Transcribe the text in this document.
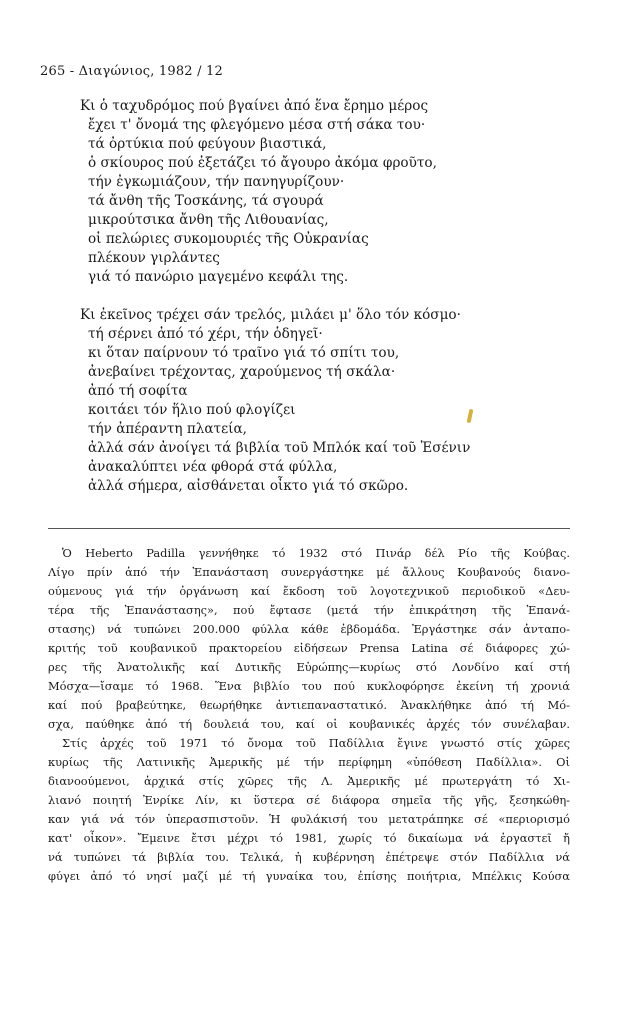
265 - Διαγώνιος, 1982 / 12
Κι ὁ ταχυδρόμος πού βγαίνει ἀπό ἕνα ἔρημο μέρος
ἔχει τ' ὄνομά της φλεγόμενο μέσα στή σάκα του·
τά ὀρτύκια πού φεύγουν βιαστικά,
ὁ σκίουρος πού ἐξετάζει τό ἄγουρο ἀκόμα φροῦτο,
τήν ἐγκωμιάζουν, τήν πανηγυρίζουν·
τά ἄνθη τῆς Τοσκάνης, τά σγουρά
μικρούτσικα ἄνθη τῆς Λιθουανίας,
οἱ πελώριες συκομουριές τῆς Οὐκρανίας
πλέκουν γιρλάντες
γιά τό πανώριο μαγεμένο κεφάλι της.
Κι ἐκεῖνος τρέχει σάν τρελός, μιλάει μ' ὅλο τόν κόσμο·
τή σέρνει ἀπό τό χέρι, τήν ὁδηγεῖ·
κι ὅταν παίρνουν τό τραῖνο γιά τό σπίτι του,
ἀνεβαίνει τρέχοντας, χαρούμενος τή σκάλα·
ἀπό τή σοφίτα
κοιτάει τόν ἥλιο πού φλογίζει
τήν ἀπέραντη πλατεία,
ἀλλά σάν ἀνοίγει τά βιβλία τοῦ Μπλόκ καί τοῦ Ἐσένιν
ἀνακαλύπτει νέα φθορά στά φύλλα,
ἀλλά σήμερα, αἰσθάνεται οἶκτο γιά τό σκῶρο.
Ὁ Heberto Padilla γεννήθηκε τό 1932 στό Πινάρ δέλ Ρίο τῆς Κούβας.
Λίγο πρίν ἀπό τήν Ἐπανάσταση συνεργάστηκε μέ ἄλλους Κουβανούς διανο-
ούμενους γιά τήν ὀργάνωση καί ἔκδοση τοῦ λογοτεχνικοῦ περιοδικοῦ «Δευ-
τέρα τῆς Ἐπανάστασης», πού ἔφτασε (μετά τήν ἐπικράτηση τῆς Ἐπανά-
στασης) νά τυπώνει 200.000 φύλλα κάθε ἑβδομάδα. Ἐργάστηκε σάν ἀνταπο-
κριτής τοῦ κουβανικοῦ πρακτορείου εἰδήσεων Prensa Latina σέ διάφορες χώ-
ρες τῆς Ἀνατολικῆς καί Δυτικῆς Εὐρώπης—κυρίως στό Λονδίνο καί στή
Μόσχα—ἴσαμε τό 1968. Ἕνα βιβλίο του πού κυκλοφόρησε ἐκείνη τή χρονιά
καί πού βραβεύτηκε, θεωρήθηκε ἀντιεπαναστατικό. Ἀνακλήθηκε ἀπό τή Μό-
σχα, παύθηκε ἀπό τή δουλειά του, καί οἱ κουβανικές ἀρχές τόν συνέλαβαν.
Στίς ἀρχές τοῦ 1971 τό ὄνομα τοῦ Παδίλλια ἔγινε γνωστό στίς χῶρες
κυρίως τῆς Λατινικῆς Ἀμερικῆς μέ τήν περίφημη «ὑπόθεση Παδίλλια». Οἱ
διανοούμενοι, ἀρχικά στίς χῶρες τῆς Λ. Ἀμερικῆς μέ πρωτεργάτη τό Χι-
λιανό ποιητή Ἐνρίκε Λίν, κι ὕστερα σέ διάφορα σημεῖα τῆς γῆς, ξεσηκώθη-
καν γιά νά τόν ὑπερασπιστοῦν. Ἡ φυλάκισή του μετατράπηκε σέ «περιορισμό
κατ' οἶκον». Ἔμεινε ἔτσι μέχρι τό 1981, χωρίς τό δικαίωμα νά ἐργαστεῖ ἤ
νά τυπώνει τά βιβλία του. Τελικά, ἡ κυβέρνηση ἐπέτρεψε στόν Παδίλλια νά
φύγει ἀπό τό νησί μαζί μέ τή γυναίκα του, ἐπίσης ποιήτρια, Μπέλκις Κούσα
